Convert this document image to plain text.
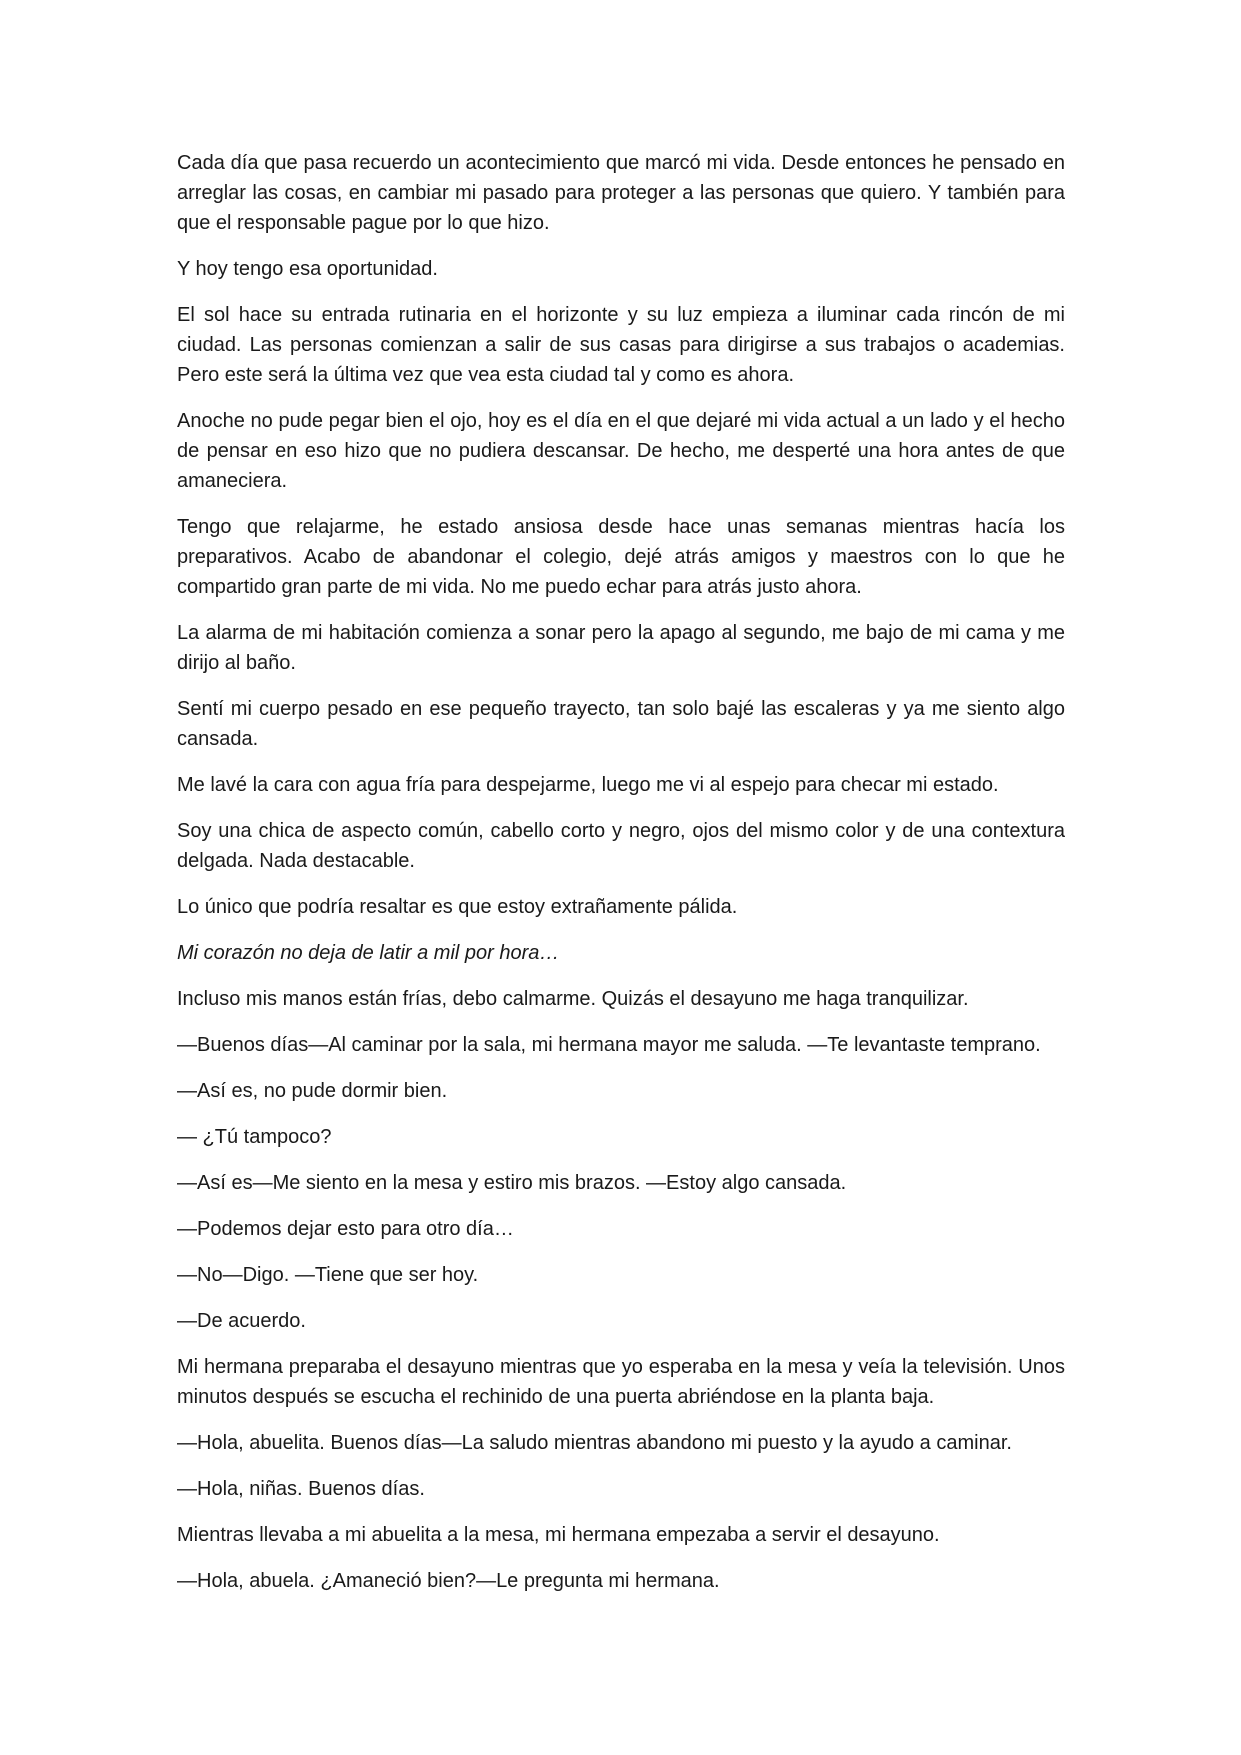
Cada día que pasa recuerdo un acontecimiento que marcó mi vida. Desde entonces he pensado en arreglar las cosas, en cambiar mi pasado para proteger a las personas que quiero. Y también para que el responsable pague por lo que hizo.

Y hoy tengo esa oportunidad.

El sol hace su entrada rutinaria en el horizonte y su luz empieza a iluminar cada rincón de mi ciudad. Las personas comienzan a salir de sus casas para dirigirse a sus trabajos o academias. Pero este será la última vez que vea esta ciudad tal y como es ahora.

Anoche no pude pegar bien el ojo, hoy es el día en el que dejaré mi vida actual a un lado y el hecho de pensar en eso hizo que no pudiera descansar. De hecho, me desperté una hora antes de que amaneciera.

Tengo que relajarme, he estado ansiosa desde hace unas semanas mientras hacía los preparativos. Acabo de abandonar el colegio, dejé atrás amigos y maestros con lo que he compartido gran parte de mi vida. No me puedo echar para atrás justo ahora.

La alarma de mi habitación comienza a sonar pero la apago al segundo, me bajo de mi cama y me dirijo al baño.

Sentí mi cuerpo pesado en ese pequeño trayecto, tan solo bajé las escaleras y ya me siento algo cansada.

Me lavé la cara con agua fría para despejarme, luego me vi al espejo para checar mi estado.

Soy una chica de aspecto común, cabello corto y negro, ojos del mismo color y de una contextura delgada. Nada destacable.

Lo único que podría resaltar es que estoy extrañamente pálida.

Mi corazón no deja de latir a mil por hora…

Incluso mis manos están frías, debo calmarme. Quizás el desayuno me haga tranquilizar.

—Buenos días—Al caminar por la sala, mi hermana mayor me saluda. —Te levantaste temprano.

—Así es, no pude dormir bien.

— ¿Tú tampoco?

—Así es—Me siento en la mesa y estiro mis brazos. —Estoy algo cansada.

—Podemos dejar esto para otro día…

—No—Digo. —Tiene que ser hoy.

—De acuerdo.

Mi hermana preparaba el desayuno mientras que yo esperaba en la mesa y veía la televisión. Unos minutos después se escucha el rechinido de una puerta abriéndose en la planta baja.

—Hola, abuelita. Buenos días—La saludo mientras abandono mi puesto y la ayudo a caminar.

—Hola, niñas. Buenos días.

Mientras llevaba a mi abuelita a la mesa, mi hermana empezaba a servir el desayuno.

—Hola, abuela. ¿Amaneció bien?—Le pregunta mi hermana.
